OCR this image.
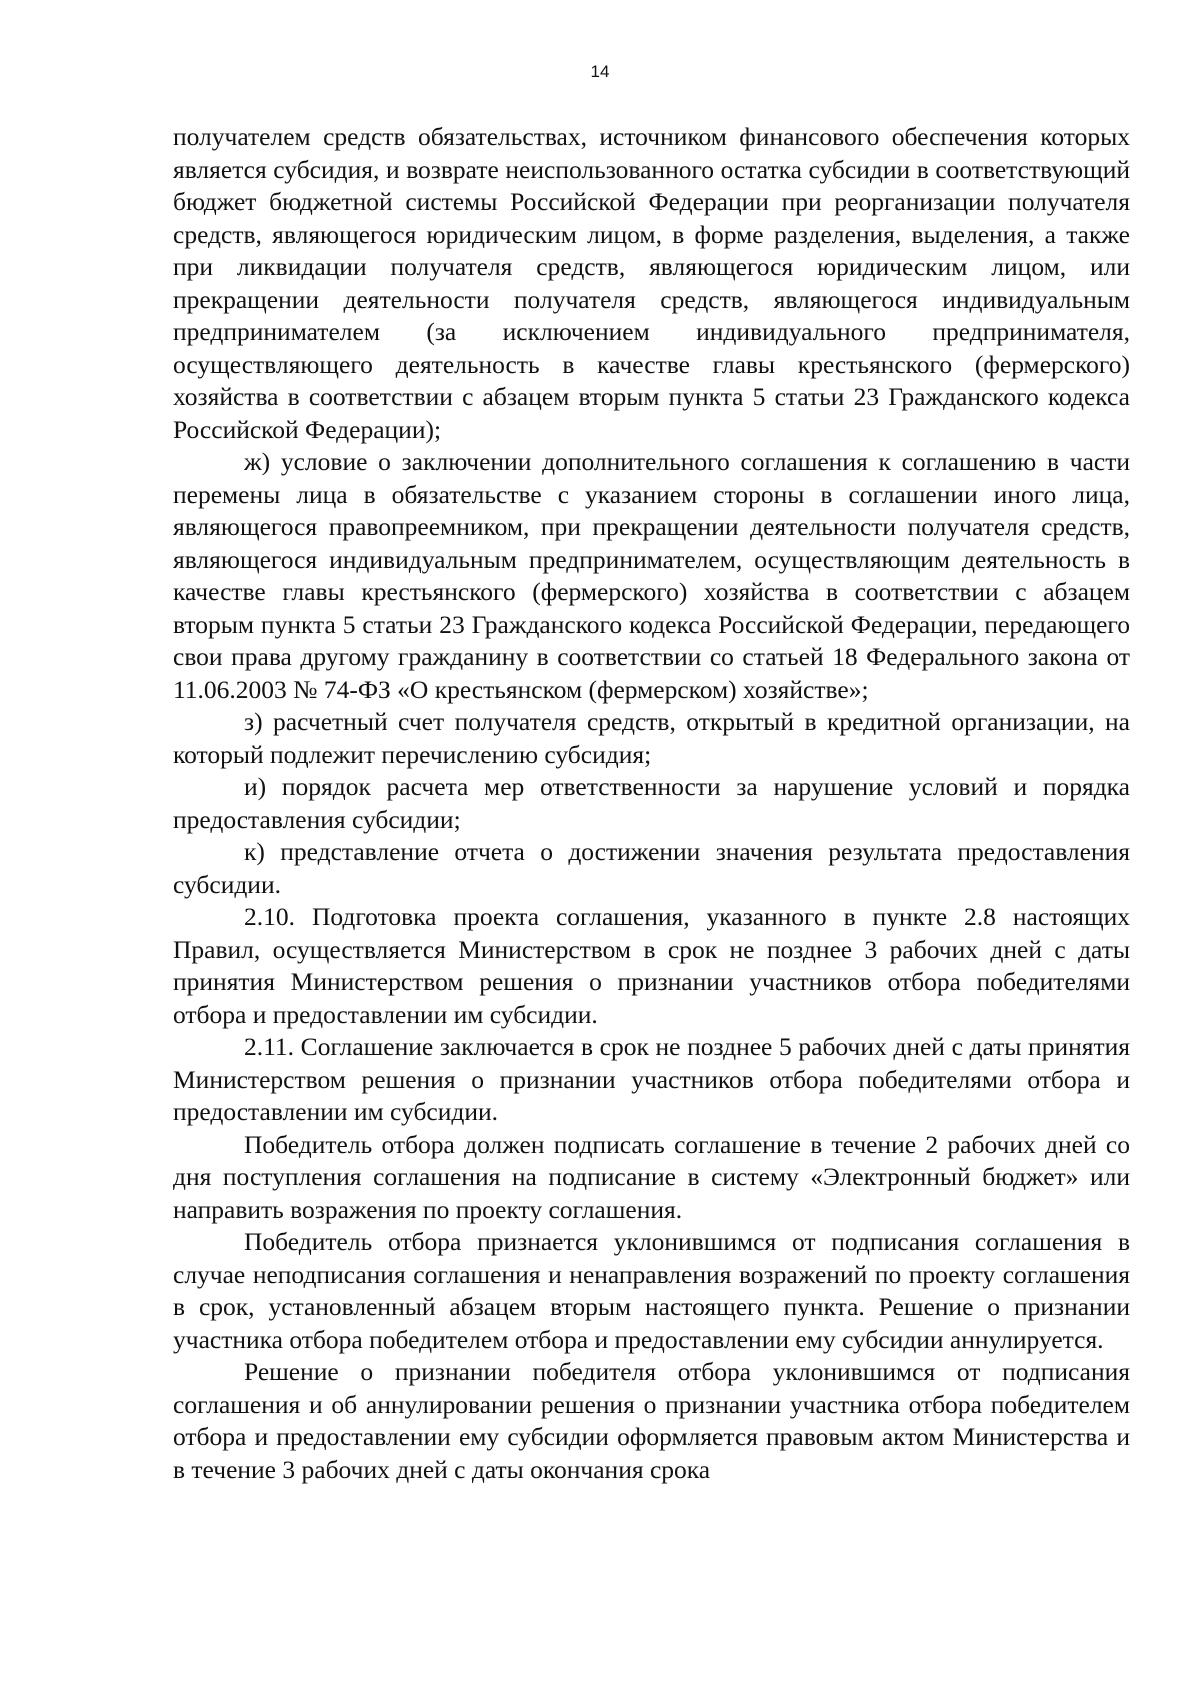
14

получателем средств обязательствах, источником финансового обеспечения которых является субсидия, и возврате неиспользованного остатка субсидии в соответствующий бюджет бюджетной системы Российской Федерации при реорганизации получателя средств, являющегося юридическим лицом, в форме разделения, выделения, а также при ликвидации получателя средств, являющегося юридическим лицом, или прекращении деятельности получателя средств, являющегося индивидуальным предпринимателем (за исключением индивидуального предпринимателя, осуществляющего деятельность в качестве главы крестьянского (фермерского) хозяйства в соответствии с абзацем вторым пункта 5 статьи 23 Гражданского кодекса Российской Федерации);

ж) условие о заключении дополнительного соглашения к соглашению в части перемены лица в обязательстве с указанием стороны в соглашении иного лица, являющегося правопреемником, при прекращении деятельности получателя средств, являющегося индивидуальным предпринимателем, осуществляющим деятельность в качестве главы крестьянского (фермерского) хозяйства в соответствии с абзацем вторым пункта 5 статьи 23 Гражданского кодекса Российской Федерации, передающего свои права другому гражданину в соответствии со статьей 18 Федерального закона от 11.06.2003 № 74-ФЗ «О крестьянском (фермерском) хозяйстве»;

з) расчетный счет получателя средств, открытый в кредитной организации, на который подлежит перечислению субсидия;

и) порядок расчета мер ответственности за нарушение условий и порядка предоставления субсидии;

к) представление отчета о достижении значения результата предоставления субсидии.

2.10. Подготовка проекта соглашения, указанного в пункте 2.8 настоящих Правил, осуществляется Министерством в срок не позднее 3 рабочих дней с даты принятия Министерством решения о признании участников отбора победителями отбора и предоставлении им субсидии.

2.11. Соглашение заключается в срок не позднее 5 рабочих дней с даты принятия Министерством решения о признании участников отбора победителями отбора и предоставлении им субсидии.

Победитель отбора должен подписать соглашение в течение 2 рабочих дней со дня поступления соглашения на подписание в систему «Электронный бюджет» или направить возражения по проекту соглашения.

Победитель отбора признается уклонившимся от подписания соглашения в случае неподписания соглашения и ненаправления возражений по проекту соглашения в срок, установленный абзацем вторым настоящего пункта. Решение о признании участника отбора победителем отбора и предоставлении ему субсидии аннулируется.

Решение о признании победителя отбора уклонившимся от подписания соглашения и об аннулировании решения о признании участника отбора победителем отбора и предоставлении ему субсидии оформляется правовым актом Министерства и в течение 3 рабочих дней с даты окончания срока
